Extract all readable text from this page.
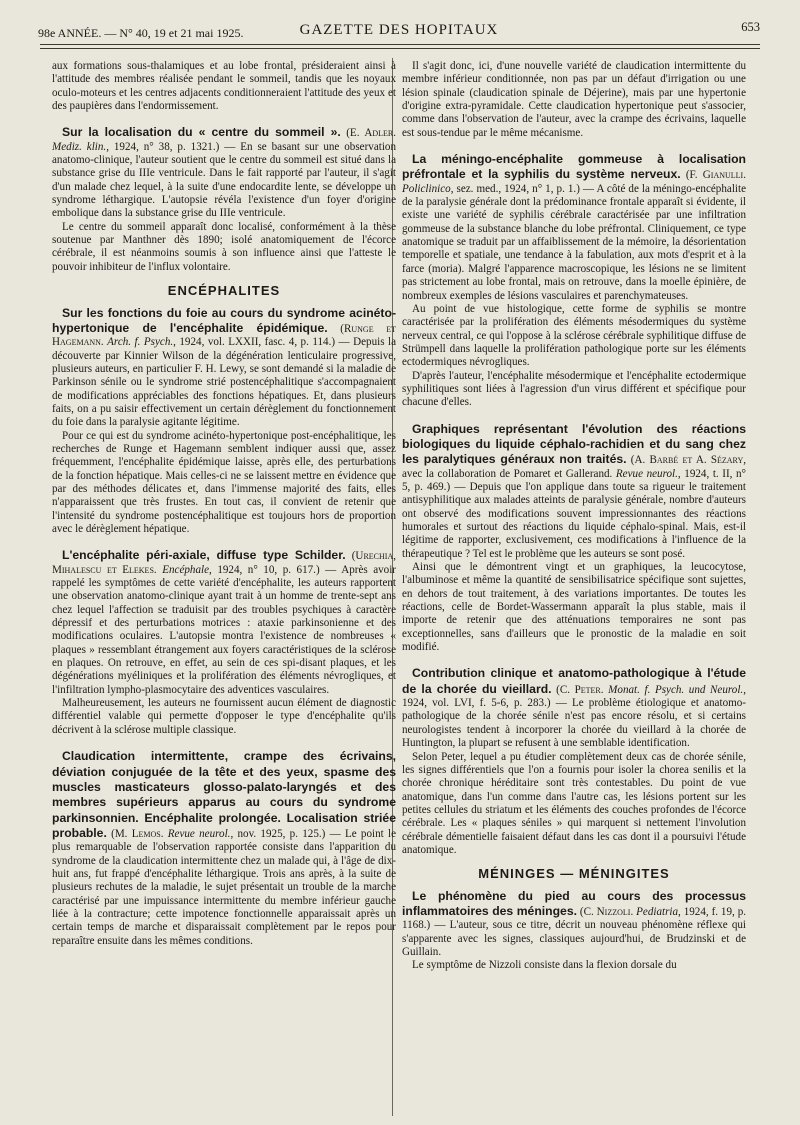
98e ANNÉE. — N° 40, 19 et 21 mai 1925.	GAZETTE DES HOPITAUX	653

aux formations sous-thalamiques et au lobe frontal, présideraient ainsi à l'attitude des membres réalisée pendant le sommeil, tandis que les noyaux oculo-moteurs et les centres adjacents conditionneraient l'attitude des yeux et des paupières dans l'endormissement.

Sur la localisation du « centre du sommeil ». (E. Adler. Mediz. klin., 1924, n° 38, p. 1321.) — En se basant sur une observation anatomo-clinique, l'auteur soutient que le centre du sommeil est situé dans la substance grise du IIIe ventricule. Dans le fait rapporté par l'auteur, il s'agit d'un malade chez lequel, à la suite d'une endocardite lente, se développe un syndrome léthargique. L'autopsie révéla l'existence d'un foyer d'origine embolique dans la substance grise du IIIe ventricule.

Le centre du sommeil apparaît donc localisé, conformément à la thèse soutenue par Manthner dès 1890; isolé anatomiquement de l'écorce cérébrale, il est néanmoins soumis à son influence ainsi que l'atteste le pouvoir inhibiteur de l'influx volontaire.

ENCÉPHALITES

Sur les fonctions du foie au cours du syndrome acinéto-hypertonique de l'encéphalite épidémique. (Runge et Hagemann. Arch. f. Psych., 1924, vol. LXXII, fasc. 4, p. 114.) — Depuis la découverte par Kinnier Wilson de la dégénération lenticulaire progressive, plusieurs auteurs, en particulier F. H. Lewy, se sont demandé si la maladie de Parkinson sénile ou le syndrome strié postencéphalitique s'accompagnaient de modifications appréciables des fonctions hépatiques. Et, dans plusieurs faits, on a pu saisir effectivement un certain dérèglement du fonctionnement du foie dans la paralysie agitante légitime.

Pour ce qui est du syndrome acinéto-hypertonique post-encéphalitique, les recherches de Runge et Hagemann semblent indiquer aussi que, assez fréquemment, l'encéphalite épidémique laisse, après elle, des perturbations de la fonction hépatique. Mais celles-ci ne se laissent mettre en évidence que par des méthodes délicates et, dans l'immense majorité des faits, elles n'apparaissent que très frustes. En tout cas, il convient de retenir que l'intensité du syndrome postencéphalitique est toujours hors de proportion avec le dérèglement hépatique.

L'encéphalite péri-axiale, diffuse type Schilder. (Urechia, Mihalescu et Elekes. Encéphale, 1924, n° 10, p. 617.) — Après avoir rappelé les symptômes de cette variété d'encéphalite, les auteurs rapportent une observation anatomo-clinique ayant trait à un homme de trente-sept ans chez lequel l'affection se traduisit par des troubles psychiques à caractère dépressif et des perturbations motrices : ataxie parkinsonienne et des modifications oculaires. L'autopsie montra l'existence de nombreuses « plaques » ressemblant étrangement aux foyers caractéristiques de la sclérose en plaques. On retrouve, en effet, au sein de ces spi-disant plaques, et les dégénérations myéliniques et la prolifération des éléments névrogliques, et l'infiltration lympho-plasmocytaire des adventices vasculaires.

Malheureusement, les auteurs ne fournissent aucun élément de diagnostic différentiel valable qui permette d'opposer le type d'encéphalite qu'ils décrivent à la sclérose multiple classique.

Claudication intermittente, crampe des écrivains, déviation conjuguée de la tête et des yeux, spasme des muscles masticateurs glosso-palato-laryngés et des membres supérieurs apparus au cours du syndrome parkinsonnien. Encéphalite prolongée. Localisation striée probable. (M. Lemos. Revue neurol., nov. 1925, p. 125.) — Le point le plus remarquable de l'observation rapportée consiste dans l'apparition du syndrome de la claudication intermittente chez un malade qui, à l'âge de dix-huit ans, fut frappé d'encéphalite léthargique. Trois ans après, à la suite de plusieurs rechutes de la maladie, le sujet présentait un trouble de la marche caractérisé par une impuissance intermittente du membre inférieur gauche liée à la contracture; cette impotence fonctionnelle apparaissait après un certain temps de marche et disparaissait complètement par le repos pour reparaître ensuite dans les mêmes conditions.

Il s'agit donc, ici, d'une nouvelle variété de claudication intermittente du membre inférieur conditionnée, non pas par un défaut d'irrigation ou une lésion spinale (claudication spinale de Déjerine), mais par une hypertonie d'origine extra-pyramidale. Cette claudication hypertonique peut s'associer, comme dans l'observation de l'auteur, avec la crampe des écrivains, laquelle est sous-tendue par le même mécanisme.

La méningo-encéphalite gommeuse à localisation préfrontale et la syphilis du système nerveux. (F. Gianulli. Policlinico, sez. med., 1924, n° 1, p. 1.) — A côté de la méningo-encéphalite de la paralysie générale dont la prédominance frontale apparaît si évidente, il existe une variété de syphilis cérébrale caractérisée par une infiltration gommeuse de la substance blanche du lobe préfrontal. Cliniquement, ce type anatomique se traduit par un affaiblissement de la mémoire, la désorientation temporelle et spatiale, une tendance à la fabulation, aux mots d'esprit et à la farce (moria). Malgré l'apparence macroscopique, les lésions ne se limitent pas strictement au lobe frontal, mais on retrouve, dans la moelle épinière, de nombreux exemples de lésions vasculaires et parenchymateuses.

Au point de vue histologique, cette forme de syphilis se montre caractérisée par la prolifération des éléments mésodermiques du système nerveux central, ce qui l'oppose à la sclérose cérébrale syphilitique diffuse de Strümpell dans laquelle la prolifération pathologique porte sur les éléments ectodermiques névrogliques.

D'après l'auteur, l'encéphalite mésodermique et l'encéphalite ectodermique syphilitiques sont liées à l'agression d'un virus différent et spécifique pour chacune d'elles.

Graphiques représentant l'évolution des réactions biologiques du liquide céphalo-rachidien et du sang chez les paralytiques généraux non traités. (A. Barbé et A. Sézary, avec la collaboration de Pomaret et Gallerand. Revue neurol., 1924, t. II, n° 5, p. 469.) — Depuis que l'on applique dans toute sa rigueur le traitement antisyphilitique aux malades atteints de paralysie générale, nombre d'auteurs ont observé des modifications souvent impressionnantes des réactions humorales et surtout des réactions du liquide céphalo-spinal. Mais, est-il légitime de rapporter, exclusivement, ces modifications à l'influence de la thérapeutique ? Tel est le problème que les auteurs se sont posé.

Ainsi que le démontrent vingt et un graphiques, la leucocytose, l'albuminose et même la quantité de sensibilisatrice spécifique sont sujettes, en dehors de tout traitement, à des variations importantes. De toutes les réactions, celle de Bordet-Wassermann apparaît la plus stable, mais il importe de retenir que des atténuations temporaires ne sont pas exceptionnelles, sans d'ailleurs que le pronostic de la maladie en soit modifié.

Contribution clinique et anatomo-pathologique à l'étude de la chorée du vieillard. (C. Peter. Monat. f. Psych. und Neurol., 1924, vol. LVI, f. 5-6, p. 283.) — Le problème étiologique et anatomo-pathologique de la chorée sénile n'est pas encore résolu, et si certains neurologistes tendent à incorporer la chorée du vieillard à la chorée de Huntington, la plupart se refusent à une semblable identification.

Selon Peter, lequel a pu étudier complètement deux cas de chorée sénile, les signes différentiels que l'on a fournis pour isoler la chorea senilis et la chorée chronique héréditaire sont très contestables. Du point de vue anatomique, dans l'un comme dans l'autre cas, les lésions portent sur les petites cellules du striatum et les éléments des couches profondes de l'écorce cérébrale. Les « plaques séniles » qui marquent si nettement l'involution cérébrale démentielle faisaient défaut dans les cas dont il a poursuivi l'étude anatomique.

MÉNINGES — MÉNINGITES

Le phénomène du pied au cours des processus inflammatoires des méninges. (C. Nizzoli. Pediatria, 1924, f. 19, p. 1168.) — L'auteur, sous ce titre, décrit un nouveau phénomène réflexe qui s'apparente avec les signes, classiques aujourd'hui, de Brudzinski et de Guillain.

Le symptôme de Nizzoli consiste dans la flexion dorsale du
